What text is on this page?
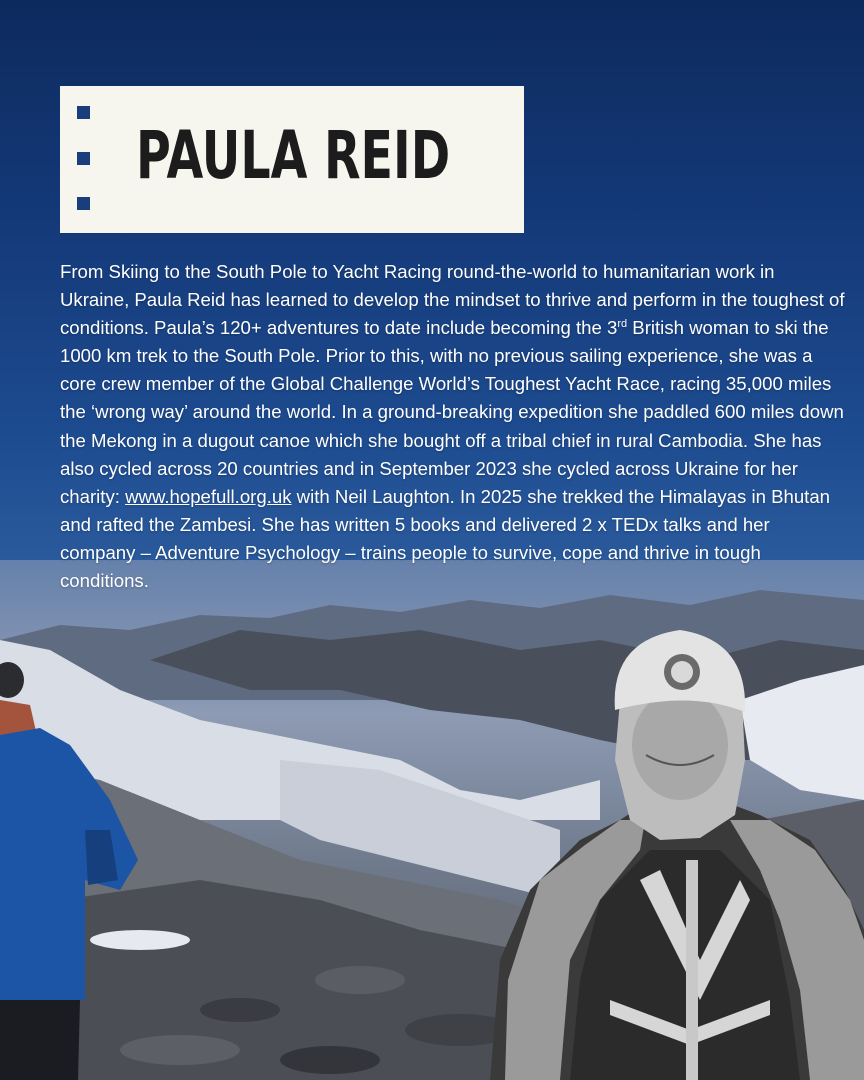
PAULA REID

From Skiing to the South Pole to Yacht Racing round-the-world to humanitarian work in Ukraine, Paula Reid has learned to develop the mindset to thrive and perform in the toughest of conditions. Paula’s 120+ adventures to date include becoming the 3rd British woman to ski the 1000 km trek to the South Pole. Prior to this, with no previous sailing experience, she was a core crew member of the Global Challenge World’s Toughest Yacht Race, racing 35,000 miles the ‘wrong way’ around the world. In a ground-breaking expedition she paddled 600 miles down the Mekong in a dugout canoe which she bought off a tribal chief in rural Cambodia. She has also cycled across 20 countries and in September 2023 she cycled across Ukraine for her charity: www.hopefull.org.uk with Neil Laughton. In 2025 she trekked the Himalayas in Bhutan and rafted the Zambesi. She has written 5 books and delivered 2 x TEDx talks and her company – Adventure Psychology – trains people to survive, cope and thrive in tough conditions.
